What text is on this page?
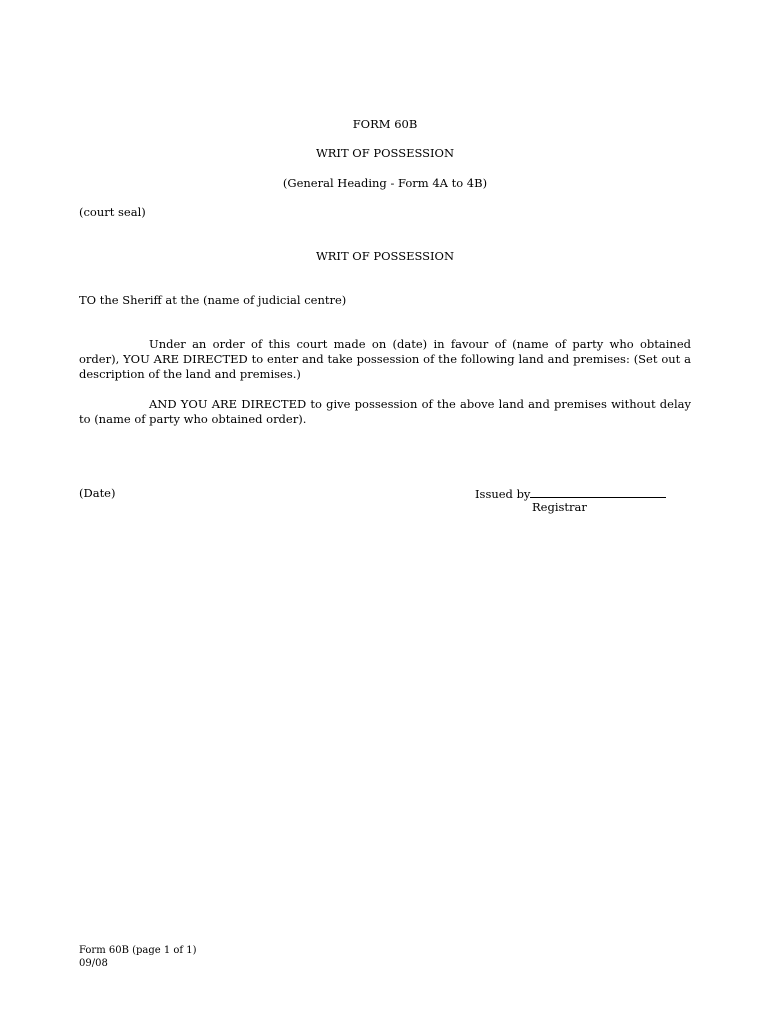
FORM 60B

WRIT OF POSSESSION

(General Heading - Form 4A to 4B)

(court seal)

WRIT OF POSSESSION

TO the Sheriff at the (name of judicial centre)

Under an order of this court made on (date) in favour of (name of party who obtained order), YOU ARE DIRECTED to enter and take possession of the following land and premises: (Set out a description of the land and premises.)

AND YOU ARE DIRECTED to give possession of the above land and premises without delay to (name of party who obtained order).

(Date)	Issued by

Registrar

Form 60B (page 1 of 1)
09/08
